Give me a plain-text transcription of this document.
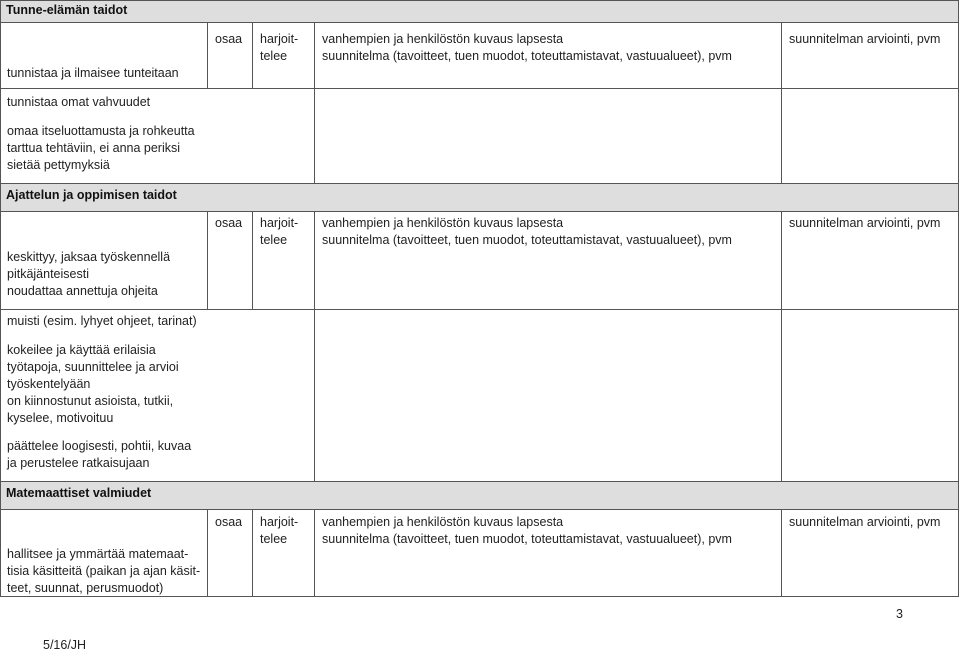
Tunne-elämän taidot
osaa harjoit-
telee
vanhempien ja henkilöstön kuvaus lapsesta
suunnitelma (tavoitteet, tuen muodot, toteuttamistavat, vastuualueet), pvm
suunnitelman arviointi, pvm
tunnistaa ja ilmaisee tunteitaan
tunnistaa omat vahvuudet
omaa itseluottamusta ja rohkeutta
tarttua tehtäviin, ei anna periksi
sietää pettymyksiä
Ajattelun ja oppimisen taidot
osaa harjoit-
telee
vanhempien ja henkilöstön kuvaus lapsesta
suunnitelma (tavoitteet, tuen muodot, toteuttamistavat, vastuualueet), pvm
suunnitelman arviointi, pvm
keskittyy, jaksaa työskennellä
pitkäjänteisesti
noudattaa annettuja ohjeita
muisti (esim. lyhyet ohjeet, tarinat)
kokeilee ja käyttää erilaisia
työtapoja, suunnittelee ja arvioi
työskentelyään
on kiinnostunut asioista, tutkii,
kyselee, motivoituu
päättelee loogisesti, pohtii, kuvaa
ja perustelee ratkaisujaan
Matemaattiset valmiudet
osaa harjoit-
telee
vanhempien ja henkilöstön kuvaus lapsesta
suunnitelma (tavoitteet, tuen muodot, toteuttamistavat, vastuualueet), pvm
suunnitelman arviointi, pvm
hallitsee ja ymmärtää matemaat-
tisia käsitteitä (paikan ja ajan käsit-
teet, suunnat, perusmuodot)
3
5/16/JH
